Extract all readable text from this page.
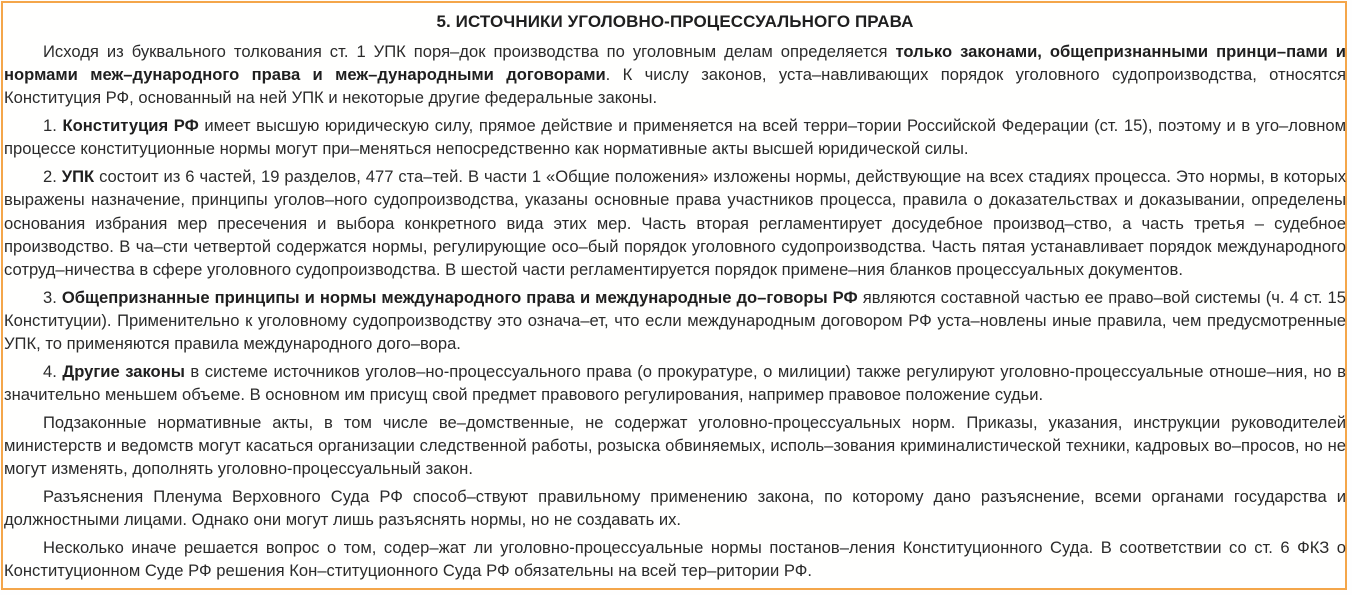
5. ИСТОЧНИКИ УГОЛОВНО-ПРОЦЕССУАЛЬНОГО ПРАВА

Исходя из буквального толкования ст. 1 УПК поря–док производства по уголовным делам определяется только законами, общепризнанными принци–пами и нормами меж–дународного права и меж–дународными договорами. К числу законов, уста–навливающих порядок уголовного судопроизводства, относятся Конституция РФ, основанный на ней УПК и некоторые другие федеральные законы.

1. Конституция РФ имеет высшую юридическую силу, прямое действие и применяется на всей терри–тории Российской Федерации (ст. 15), поэтому и в уго–ловном процессе конституционные нормы могут при–меняться непосредственно как нормативные акты высшей юридической силы.

2. УПК состоит из 6 частей, 19 разделов, 477 ста–тей. В части 1 «Общие положения» изложены нормы, действующие на всех стадиях процесса. Это нормы, в которых выражены назначение, принципы уголов–ного судопроизводства, указаны основные права участников процесса, правила о доказательствах и доказывании, определены основания избрания мер пресечения и выбора конкретного вида этих мер. Часть вторая регламентирует досудебное производ–ство, а часть третья – судебное производство. В ча–сти четвертой содержатся нормы, регулирующие осо–бый порядок уголовного судопроизводства. Часть пятая устанавливает порядок международного сотруд–ничества в сфере уголовного судопроизводства. В шестой части регламентируется порядок примене–ния бланков процессуальных документов.

3. Общепризнанные принципы и нормы международного права и международные до–говоры РФ являются составной частью ее право–вой системы (ч. 4 ст. 15 Конституции). Применительно к уголовному судопроизводству это означа–ет, что если международным договором РФ уста–новлены иные правила, чем предусмотренные УПК, то применяются правила международного дого–вора.

4. Другие законы в системе источников уголов–но-процессуального права (о прокуратуре, о милиции) также регулируют уголовно-процессуальные отноше–ния, но в значительно меньшем объеме. В основном им присущ свой предмет правового регулирования, например правовое положение судьи.

Подзаконные нормативные акты, в том числе ве–домственные, не содержат уголовно-процессуальных норм. Приказы, указания, инструкции руководителей министерств и ведомств могут касаться организации следственной работы, розыска обвиняемых, исполь–зования криминалистической техники, кадровых во–просов, но не могут изменять, дополнять уголовно-процессуальный закон.

Разъяснения Пленума Верховного Суда РФ способ–ствуют правильному применению закона, по которому дано разъяснение, всеми органами государства и должностными лицами. Однако они могут лишь разъяснять нормы, но не создавать их.

Несколько иначе решается вопрос о том, содер–жат ли уголовно-процессуальные нормы постанов–ления Конституционного Суда. В соответствии со ст. 6 ФКЗ о Конституционном Суде РФ решения Кон–ституционного Суда РФ обязательны на всей тер–ритории РФ.
